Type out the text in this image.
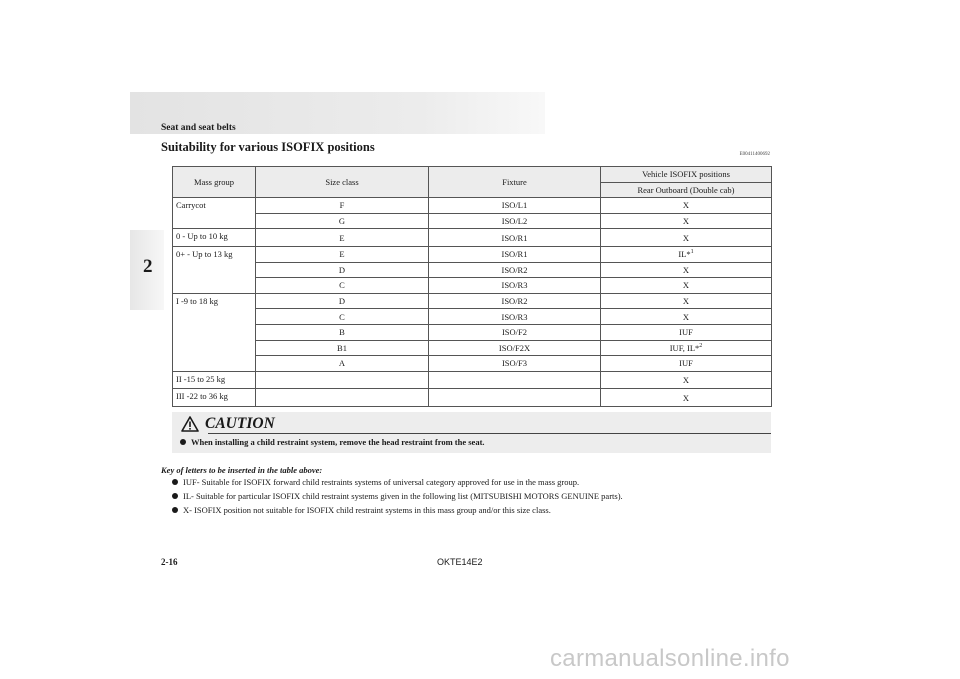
Seat and seat belts
2
Suitability for various ISOFIX positions
E00411400692
Mass group	Size class	Fixture	Vehicle ISOFIX positions
			Rear Outboard (Double cab)
Carrycot	F	ISO/L1	X
	G	ISO/L2	X
0 - Up to 10 kg	E	ISO/R1	X
0+ - Up to 13 kg	E	ISO/R1	IL*$^1$
	D	ISO/R2	X
	C	ISO/R3	X
I -9 to 18 kg	D	ISO/R2	X
	C	ISO/R3	X
	B	ISO/F2	IUF
	B1	ISO/F2X	IUF, IL*$^2$
	A	ISO/F3	IUF
II -15 to 25 kg			X
III -22 to 36 kg			X
CAUTION
When installing a child restraint system, remove the head restraint from the seat.
Key of letters to be inserted in the table above:
IUF- Suitable for ISOFIX forward child restraints systems of universal category approved for use in the mass group.
IL- Suitable for particular ISOFIX child restraint systems given in the following list (MITSUBISHI MOTORS GENUINE parts).
X- ISOFIX position not suitable for ISOFIX child restraint systems in this mass group and/or this size class.
2-16	OKTE14E2
carmanualsonline.info
